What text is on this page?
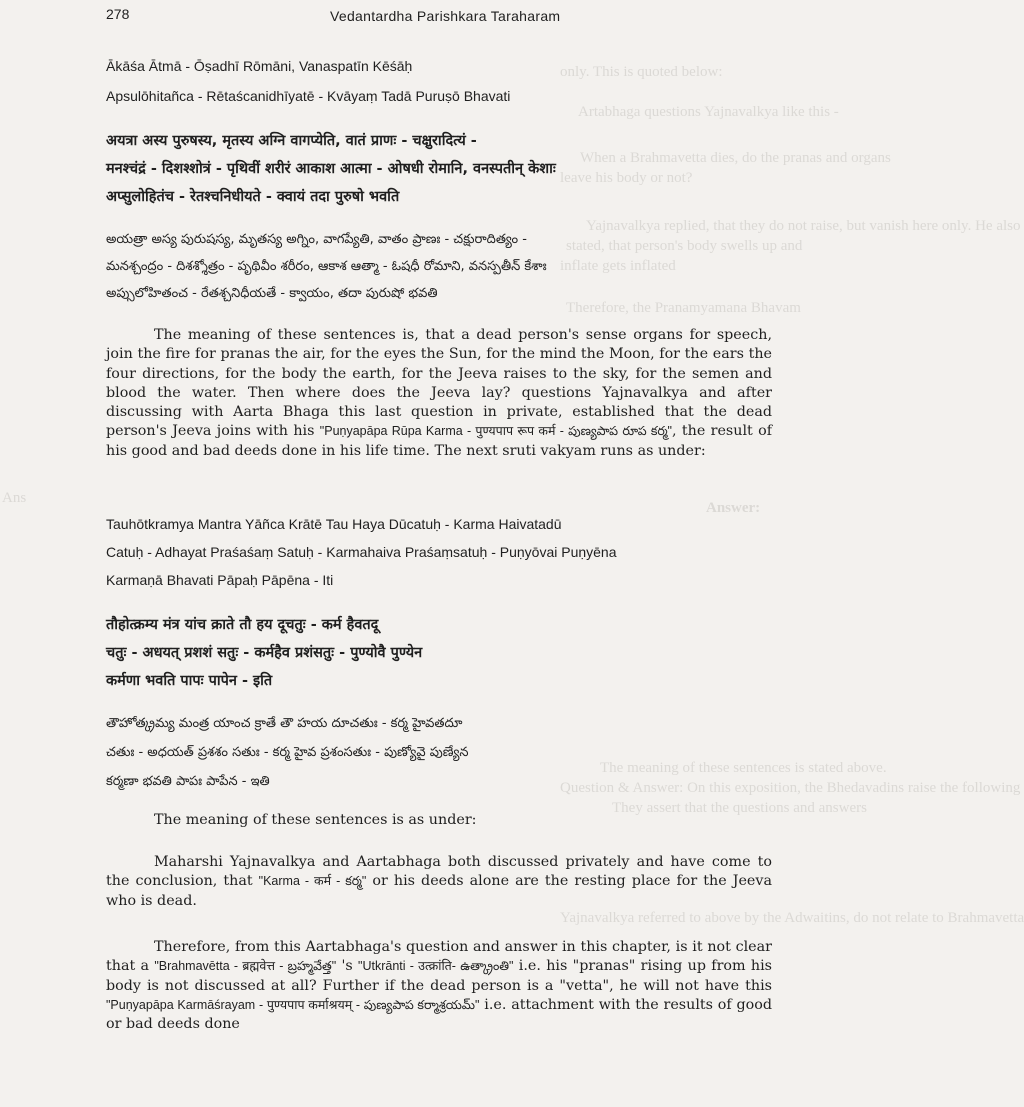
only. This is quoted below:
Artabhaga questions Yajnavalkya like this -
When a Brahmavetta dies, do the pranas and organs
leave his body or not?
Yajnavalkya replied, that they do not raise, but vanish here only. He also
stated, that person's body swells up and
inflate gets inflated
Therefore, the Pranamyamana Bhavam
Answer:
Question & Answer: On this exposition, the Bhedavadins raise the following
They assert that the questions and answers
Yajnavalkya referred to above by the Adwaitins, do not relate to Brahmavetta
The meaning of these sentences is stated above.
Ans
278	Vedantardha Parishkara Taraharam
Ākāśa Ātmā - Ōṣadhī Rōmāni, Vanaspatīn Kēśāḥ
Apsulōhitañca - Rētaścanidhīyatē - Kvāyaṃ Tadā Puruṣō Bhavati
अयत्रा अस्य पुरुषस्य, मृतस्य अग्नि वागप्येति, वातं प्राणः - चक्षुरादित्यं -
मनश्चंद्रं - दिशश्शोत्रं - पृथिवीं शरीरं आकाश आत्मा - ओषधी रोमानि, वनस्पतीन् केशाः
अप्सुलोहितंच - रेतश्चनिधीयते - क्वायं तदा पुरुषो भवति
అయత్రా అస్య పురుషస్య, మృతస్య అగ్నిం, వాగప్యేతి, వాతం ప్రాణః - చక్షురాదిత్యం -
మనశ్చంద్రం - దిశశ్శోత్రం - పృథివీం శరీరం, ఆకాశ ఆత్మా - ఓషధీ రోమాని, వనస్పతీన్ కేశాః
అప్సులోహితంచ - రేతశ్చనిధీయతే - క్వాయం, తదా పురుషో భవతి
The meaning of these sentences is, that a dead person's sense organs for speech, join the fire for pranas the air, for the eyes the Sun, for the mind the Moon, for the ears the four directions, for the body the earth, for the Jeeva raises to the sky, for the semen and blood the water. Then where does the Jeeva lay? questions Yajnavalkya and after discussing with Aarta Bhaga this last question in private, established that the dead person's Jeeva joins with his "Puṇyapāpa Rūpa Karma - पुण्यपाप रूप कर्म - పుణ్యపాప రూప కర్మ", the result of his good and bad deeds done in his life time. The next sruti vakyam runs as under:
Tauhōtkramya Mantra Yāñca Krātē Tau Haya Dūcatuḥ - Karma Haivatadū
Catuḥ - Adhayat Praśaśaṃ Satuḥ - Karmahaiva Praśaṃsatuḥ - Puṇyōvai Puṇyēna
Karmaṇā Bhavati Pāpaḥ Pāpēna - Iti
तौहोत्क्रम्य मंत्र यांच क्राते तौ हय दूचतुः - कर्म हैवतदू
चतुः - अधयत् प्रशशं सतुः - कर्महैव प्रशंसतुः - पुण्योवै पुण्येन
कर्मणा भवति पापः पापेन - इति
తౌహోత్క్రమ్య మంత్ర యాంచ క్రాతే తౌ హయ దూచతుః - కర్మ హైవతదూ
చతుః - అధయత్ ప్రశశం సతుః - కర్మ హైవ ప్రశంసతుః - పుణ్యోవై పుణ్యేన
కర్మణా భవతి పాపః పాపేన - ఇతి
The meaning of these sentences is as under:
Maharshi Yajnavalkya and Aartabhaga both discussed privately and have come to the conclusion, that "Karma - कर्म - కర్మ" or his deeds alone are the resting place for the Jeeva who is dead.
Therefore, from this Aartabhaga's question and answer in this chapter, is it not clear that a "Brahmavētta - ब्रह्मवेत्त - బ్రహ్మవేత్త" 's "Utkrānti - उत्क्रांति- ఉత్క్రాంతి" i.e. his "pranas" rising up from his body is not discussed at all? Further if the dead person is a "vetta", he will not have this "Puṇyapāpa Karmāśrayam - पुण्यपाप कर्माश्रयम् - పుణ్యపాప కర్మాశ్రయమ్" i.e. attachment with the results of good or bad deeds done
